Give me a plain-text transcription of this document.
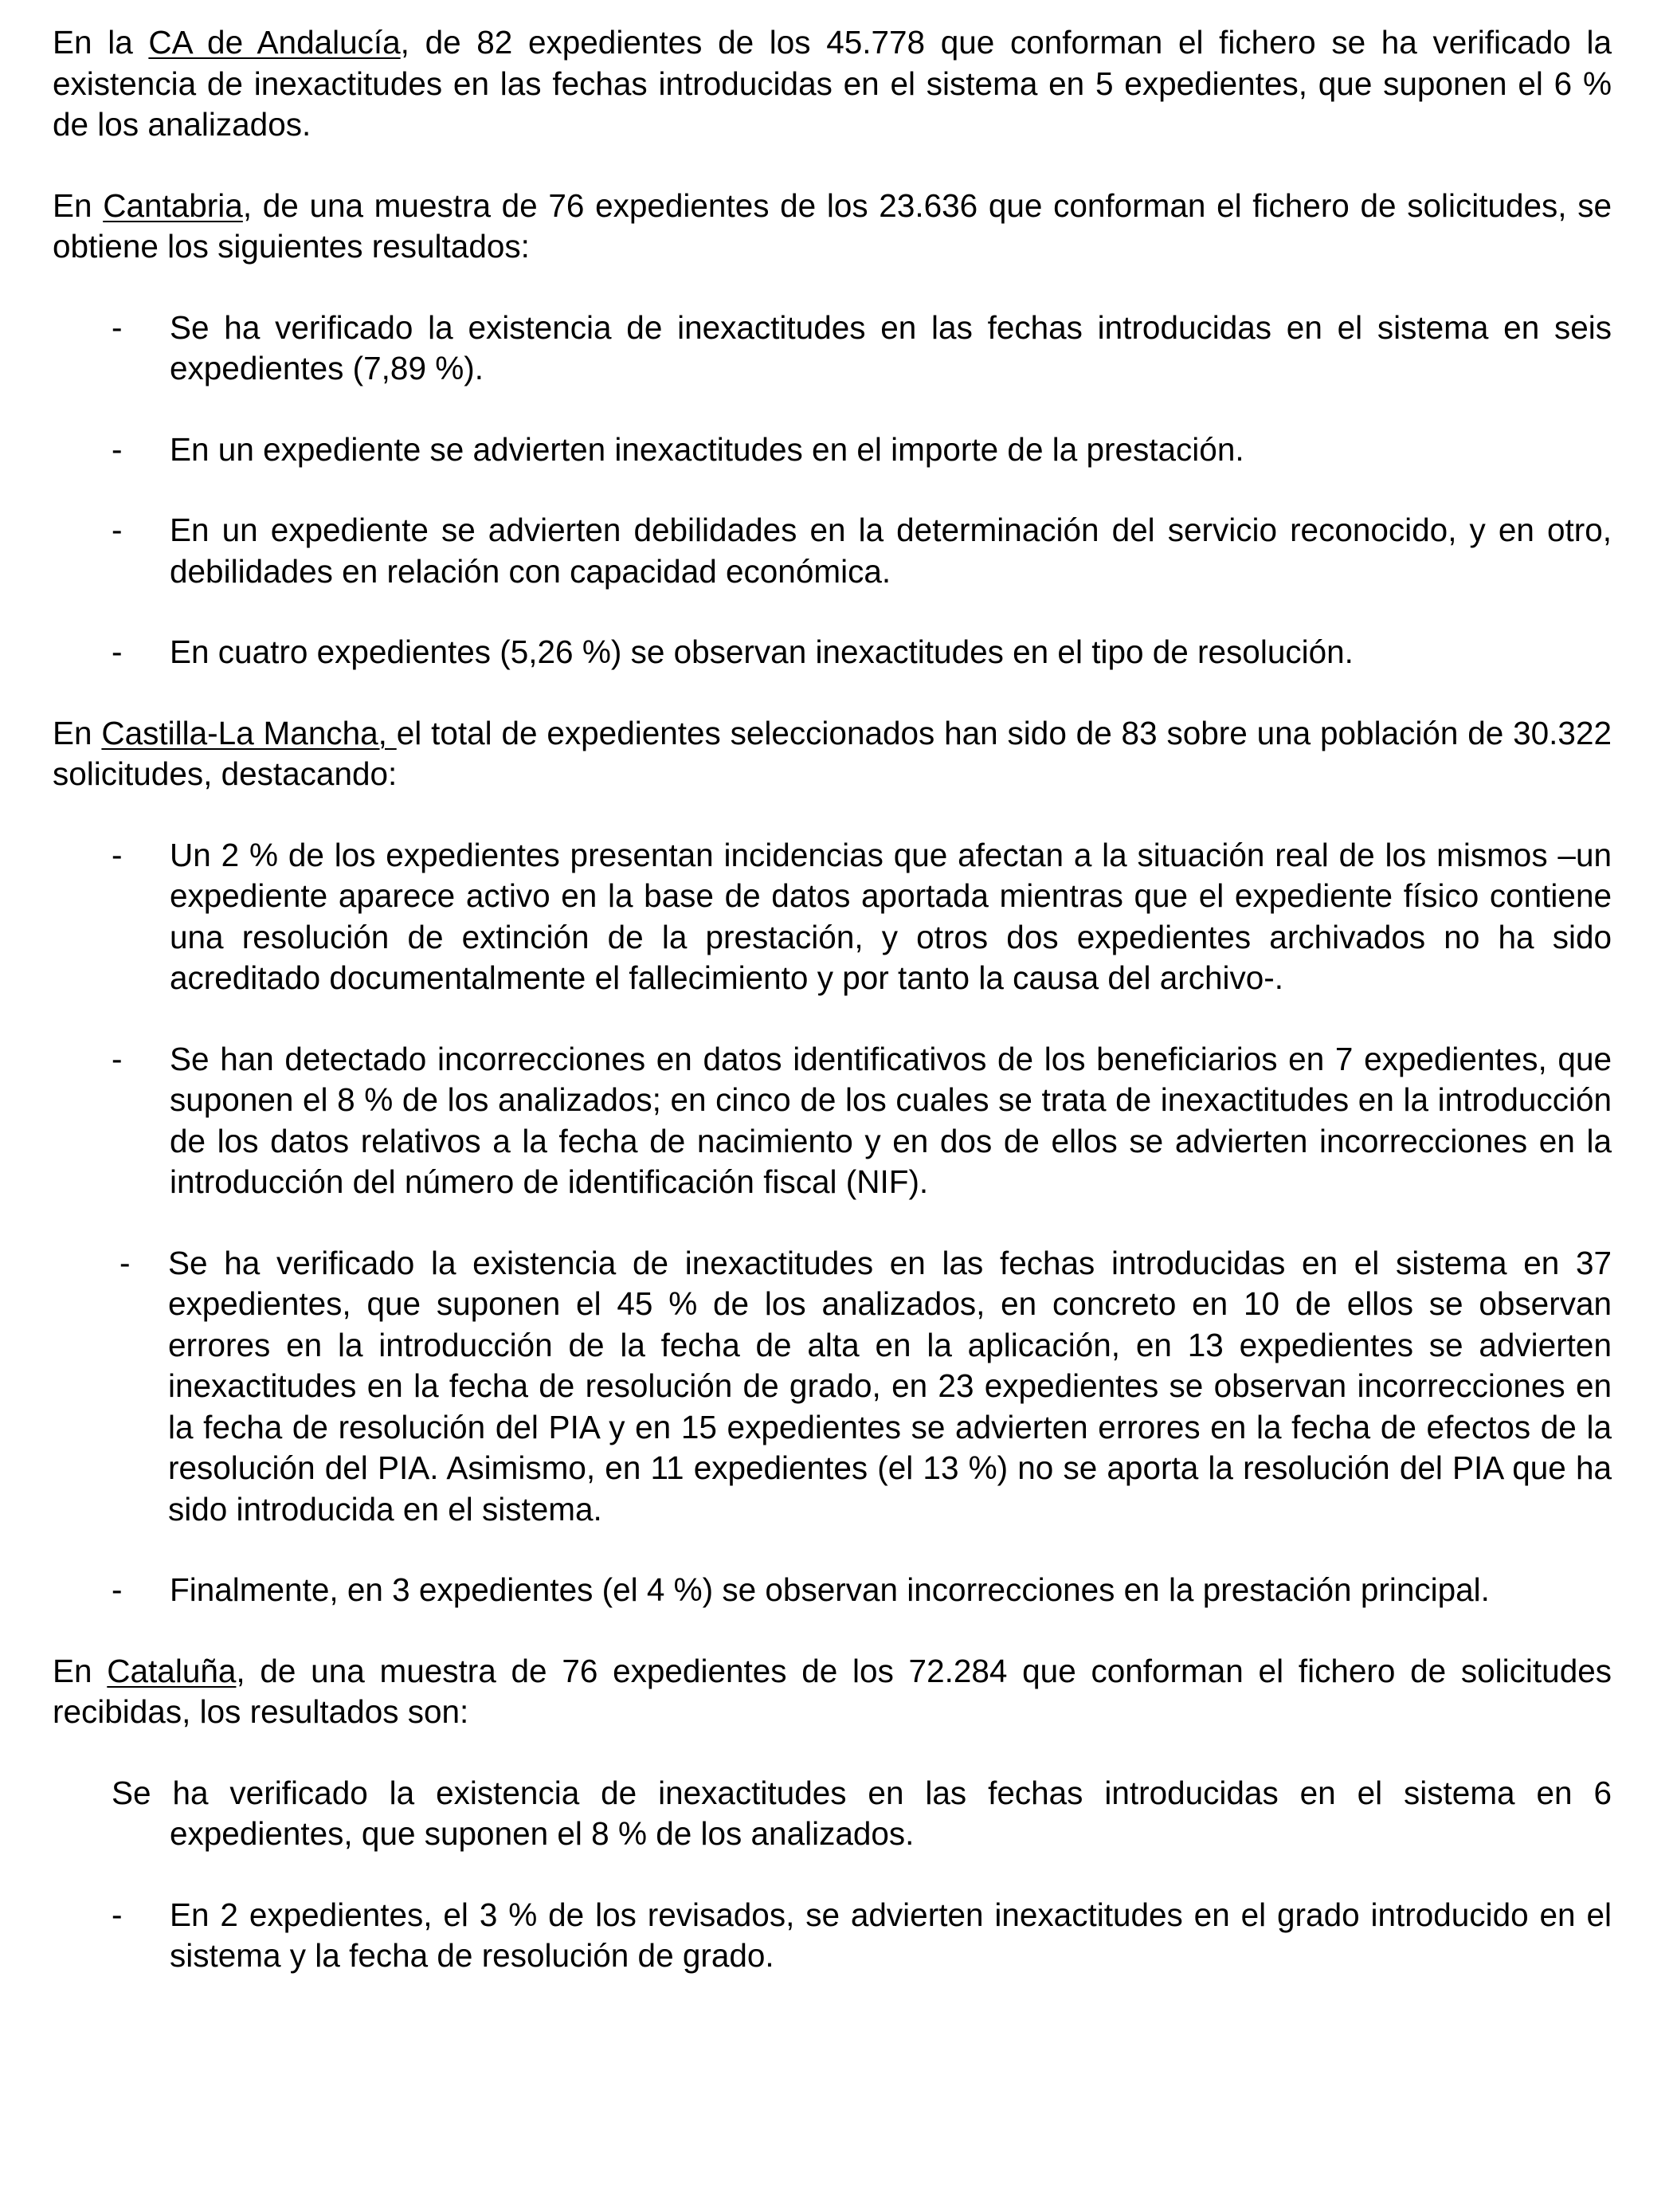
En la CA de Andalucía, de 82 expedientes de los 45.778 que conforman el fichero se ha verificado la existencia de inexactitudes en las fechas introducidas en el sistema en 5 expedientes, que suponen el 6 % de los analizados.

En Cantabria, de una muestra de 76 expedientes de los 23.636 que conforman el fichero de solicitudes, se obtiene los siguientes resultados:

- Se ha verificado la existencia de inexactitudes en las fechas introducidas en el sistema en seis expedientes (7,89 %).

- En un expediente se advierten inexactitudes en el importe de la prestación.

- En un expediente se advierten debilidades en la determinación del servicio reconocido, y en otro, debilidades en relación con capacidad económica.

- En cuatro expedientes (5,26 %) se observan inexactitudes en el tipo de resolución.

En Castilla-La Mancha, el total de expedientes seleccionados han sido de 83 sobre una población de 30.322 solicitudes, destacando:

- Un 2 % de los expedientes presentan incidencias que afectan a la situación real de los mismos –un expediente aparece activo en la base de datos aportada mientras que el expediente físico contiene una resolución de extinción de la prestación, y otros dos expedientes archivados no ha sido acreditado documentalmente el fallecimiento y por tanto la causa del archivo-.

- Se han detectado incorrecciones en datos identificativos de los beneficiarios en 7 expedientes, que suponen el 8 % de los analizados; en cinco de los cuales se trata de inexactitudes en la introducción de los datos relativos a la fecha de nacimiento y en dos de ellos se advierten incorrecciones en la introducción del número de identificación fiscal (NIF).

- Se ha verificado la existencia de inexactitudes en las fechas introducidas en el sistema en 37 expedientes, que suponen el 45 % de los analizados, en concreto en 10 de ellos se observan errores en la introducción de la fecha de alta en la aplicación, en 13 expedientes se advierten inexactitudes en la fecha de resolución de grado, en 23 expedientes se observan incorrecciones en la fecha de resolución del PIA y en 15 expedientes se advierten errores en la fecha de efectos de la resolución del PIA. Asimismo, en 11 expedientes (el 13 %) no se aporta la resolución del PIA que ha sido introducida en el sistema.

- Finalmente, en 3 expedientes (el 4 %) se observan incorrecciones en la prestación principal.

En Cataluña, de una muestra de 76 expedientes de los 72.284 que conforman el fichero de solicitudes recibidas, los resultados son:

Se ha verificado la existencia de inexactitudes en las fechas introducidas en el sistema en 6 expedientes, que suponen el 8 % de los analizados.

- En 2 expedientes, el 3 % de los revisados, se advierten inexactitudes en el grado introducido en el sistema y la fecha de resolución de grado.
